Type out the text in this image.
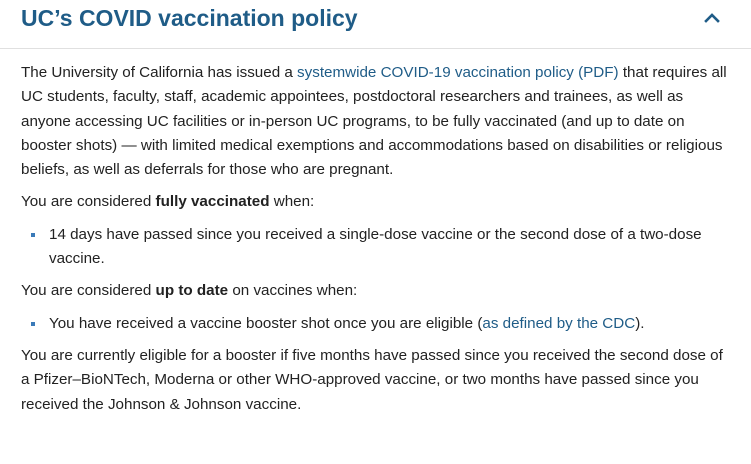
UC’s COVID vaccination policy

The University of California has issued a systemwide COVID-19 vaccination policy (PDF) that requires all UC students, faculty, staff, academic appointees, postdoctoral researchers and trainees, as well as anyone accessing UC facilities or in-person UC programs, to be fully vaccinated (and up to date on booster shots) — with limited medical exemptions and accommodations based on disabilities or religious beliefs, as well as deferrals for those who are pregnant.

You are considered fully vaccinated when:

14 days have passed since you received a single-dose vaccine or the second dose of a two-dose vaccine.

You are considered up to date on vaccines when:

You have received a vaccine booster shot once you are eligible (as defined by the CDC).

You are currently eligible for a booster if five months have passed since you received the second dose of a Pfizer–BioNTech, Moderna or other WHO-approved vaccine, or two months have passed since you received the Johnson & Johnson vaccine.
